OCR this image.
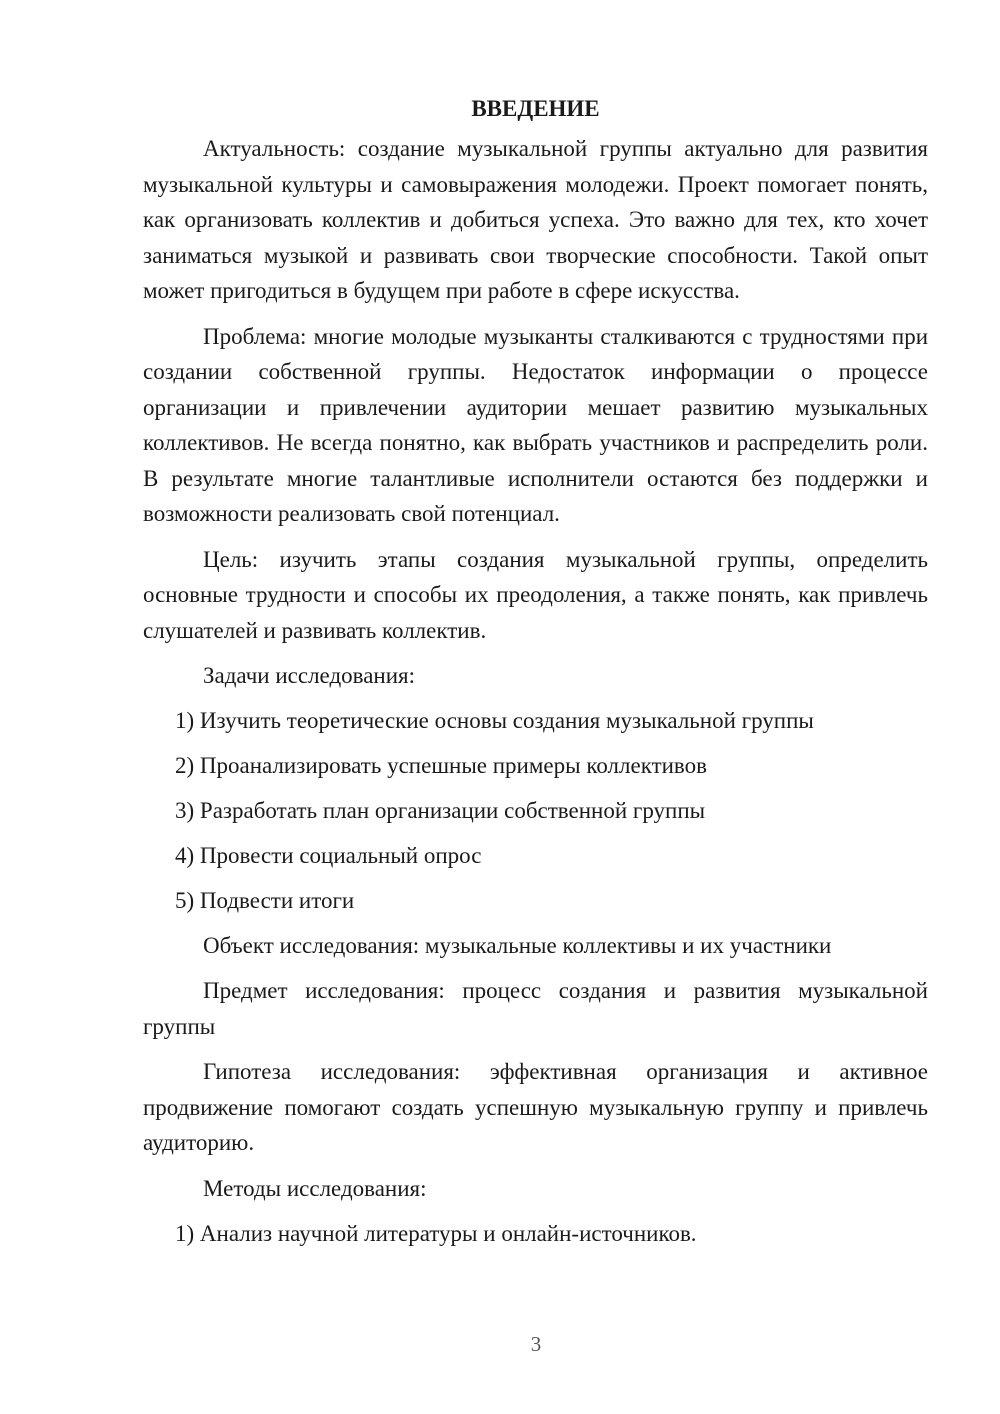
ВВЕДЕНИЕ

Актуальность: создание музыкальной группы актуально для развития музыкальной культуры и самовыражения молодежи. Проект помогает понять, как организовать коллектив и добиться успеха. Это важно для тех, кто хочет заниматься музыкой и развивать свои творческие способности. Такой опыт может пригодиться в будущем при работе в сфере искусства.

Проблема: многие молодые музыканты сталкиваются с трудностями при создании собственной группы. Недостаток информации о процессе организации и привлечении аудитории мешает развитию музыкальных коллективов. Не всегда понятно, как выбрать участников и распределить роли. В результате многие талантливые исполнители остаются без поддержки и возможности реализовать свой потенциал.

Цель: изучить этапы создания музыкальной группы, определить основные трудности и способы их преодоления, а также понять, как привлечь слушателей и развивать коллектив.

Задачи исследования:
1) Изучить теоретические основы создания музыкальной группы
2) Проанализировать успешные примеры коллективов
3) Разработать план организации собственной группы
4) Провести социальный опрос
5) Подвести итоги
Объект исследования: музыкальные коллективы и их участники

Предмет исследования: процесс создания и развития музыкальной группы

Гипотеза исследования: эффективная организация и активное продвижение помогают создать успешную музыкальную группу и привлечь аудиторию.

Методы исследования:
1) Анализ научной литературы и онлайн-источников.
3
